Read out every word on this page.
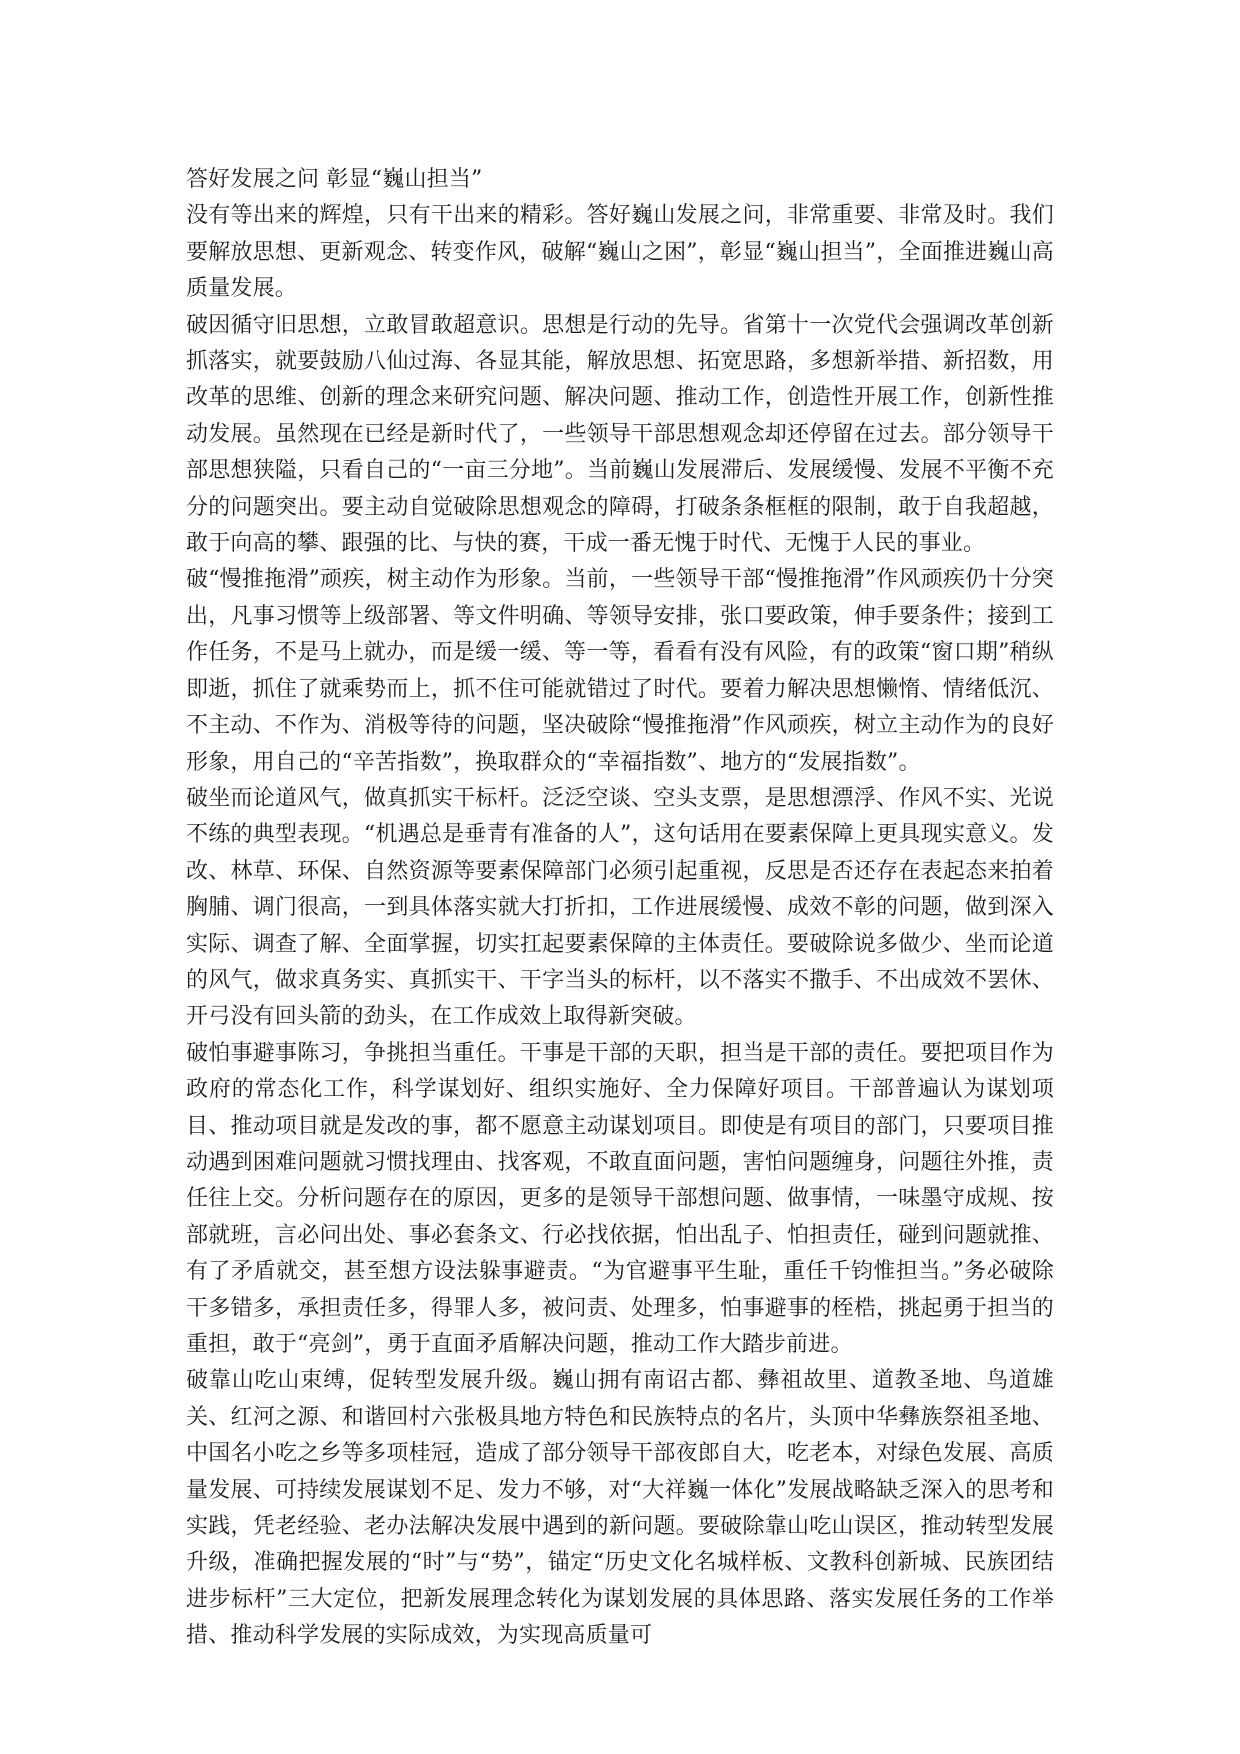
答好发展之问 彰显“巍山担当”

没有等出来的辉煌，只有干出来的精彩。答好巍山发展之问，非常重要、非常及时。我们要解放思想、更新观念、转变作风，破解“巍山之困”，彰显“巍山担当”，全面推进巍山高质量发展。

破因循守旧思想，立敢冒敢超意识。思想是行动的先导。省第十一次党代会强调改革创新抓落实，就要鼓励八仙过海、各显其能，解放思想、拓宽思路，多想新举措、新招数，用改革的思维、创新的理念来研究问题、解决问题、推动工作，创造性开展工作，创新性推动发展。虽然现在已经是新时代了，一些领导干部思想观念却还停留在过去。部分领导干部思想狭隘，只看自己的“一亩三分地”。当前巍山发展滞后、发展缓慢、发展不平衡不充分的问题突出。要主动自觉破除思想观念的障碍，打破条条框框的限制，敢于自我超越，敢于向高的攀、跟强的比、与快的赛，干成一番无愧于时代、无愧于人民的事业。

破“慢推拖滑”顽疾，树主动作为形象。当前，一些领导干部“慢推拖滑”作风顽疾仍十分突出，凡事习惯等上级部署、等文件明确、等领导安排，张口要政策，伸手要条件；接到工作任务，不是马上就办，而是缓一缓、等一等，看看有没有风险，有的政策“窗口期”稍纵即逝，抓住了就乘势而上，抓不住可能就错过了时代。要着力解决思想懒惰、情绪低沉、不主动、不作为、消极等待的问题，坚决破除“慢推拖滑”作风顽疾，树立主动作为的良好形象，用自己的“辛苦指数”，换取群众的“幸福指数”、地方的“发展指数”。

破坐而论道风气，做真抓实干标杆。泛泛空谈、空头支票，是思想漂浮、作风不实、光说不练的典型表现。“机遇总是垂青有准备的人”，这句话用在要素保障上更具现实意义。发改、林草、环保、自然资源等要素保障部门必须引起重视，反思是否还存在表起态来拍着胸脯、调门很高，一到具体落实就大打折扣，工作进展缓慢、成效不彰的问题，做到深入实际、调查了解、全面掌握，切实扛起要素保障的主体责任。要破除说多做少、坐而论道的风气，做求真务实、真抓实干、干字当头的标杆，以不落实不撒手、不出成效不罢休、开弓没有回头箭的劲头，在工作成效上取得新突破。

破怕事避事陈习，争挑担当重任。干事是干部的天职，担当是干部的责任。要把项目作为政府的常态化工作，科学谋划好、组织实施好、全力保障好项目。干部普遍认为谋划项目、推动项目就是发改的事，都不愿意主动谋划项目。即使是有项目的部门，只要项目推动遇到困难问题就习惯找理由、找客观，不敢直面问题，害怕问题缠身，问题往外推，责任往上交。分析问题存在的原因，更多的是领导干部想问题、做事情，一味墨守成规、按部就班，言必问出处、事必套条文、行必找依据，怕出乱子、怕担责任，碰到问题就推、有了矛盾就交，甚至想方设法躲事避责。“为官避事平生耻，重任千钧惟担当。”务必破除干多错多，承担责任多，得罪人多，被问责、处理多，怕事避事的桎梏，挑起勇于担当的重担，敢于“亮剑”，勇于直面矛盾解决问题，推动工作大踏步前进。

破靠山吃山束缚，促转型发展升级。巍山拥有南诏古都、彝祖故里、道教圣地、鸟道雄关、红河之源、和谐回村六张极具地方特色和民族特点的名片，头顶中华彝族祭祖圣地、中国名小吃之乡等多项桂冠，造成了部分领导干部夜郎自大，吃老本，对绿色发展、高质量发展、可持续发展谋划不足、发力不够，对“大祥巍一体化”发展战略缺乏深入的思考和实践，凭老经验、老办法解决发展中遇到的新问题。要破除靠山吃山误区，推动转型发展升级，准确把握发展的“时”与“势”，锚定“历史文化名城样板、文教科创新城、民族团结进步标杆”三大定位，把新发展理念转化为谋划发展的具体思路、落实发展任务的工作举措、推动科学发展的实际成效，为实现高质量可
